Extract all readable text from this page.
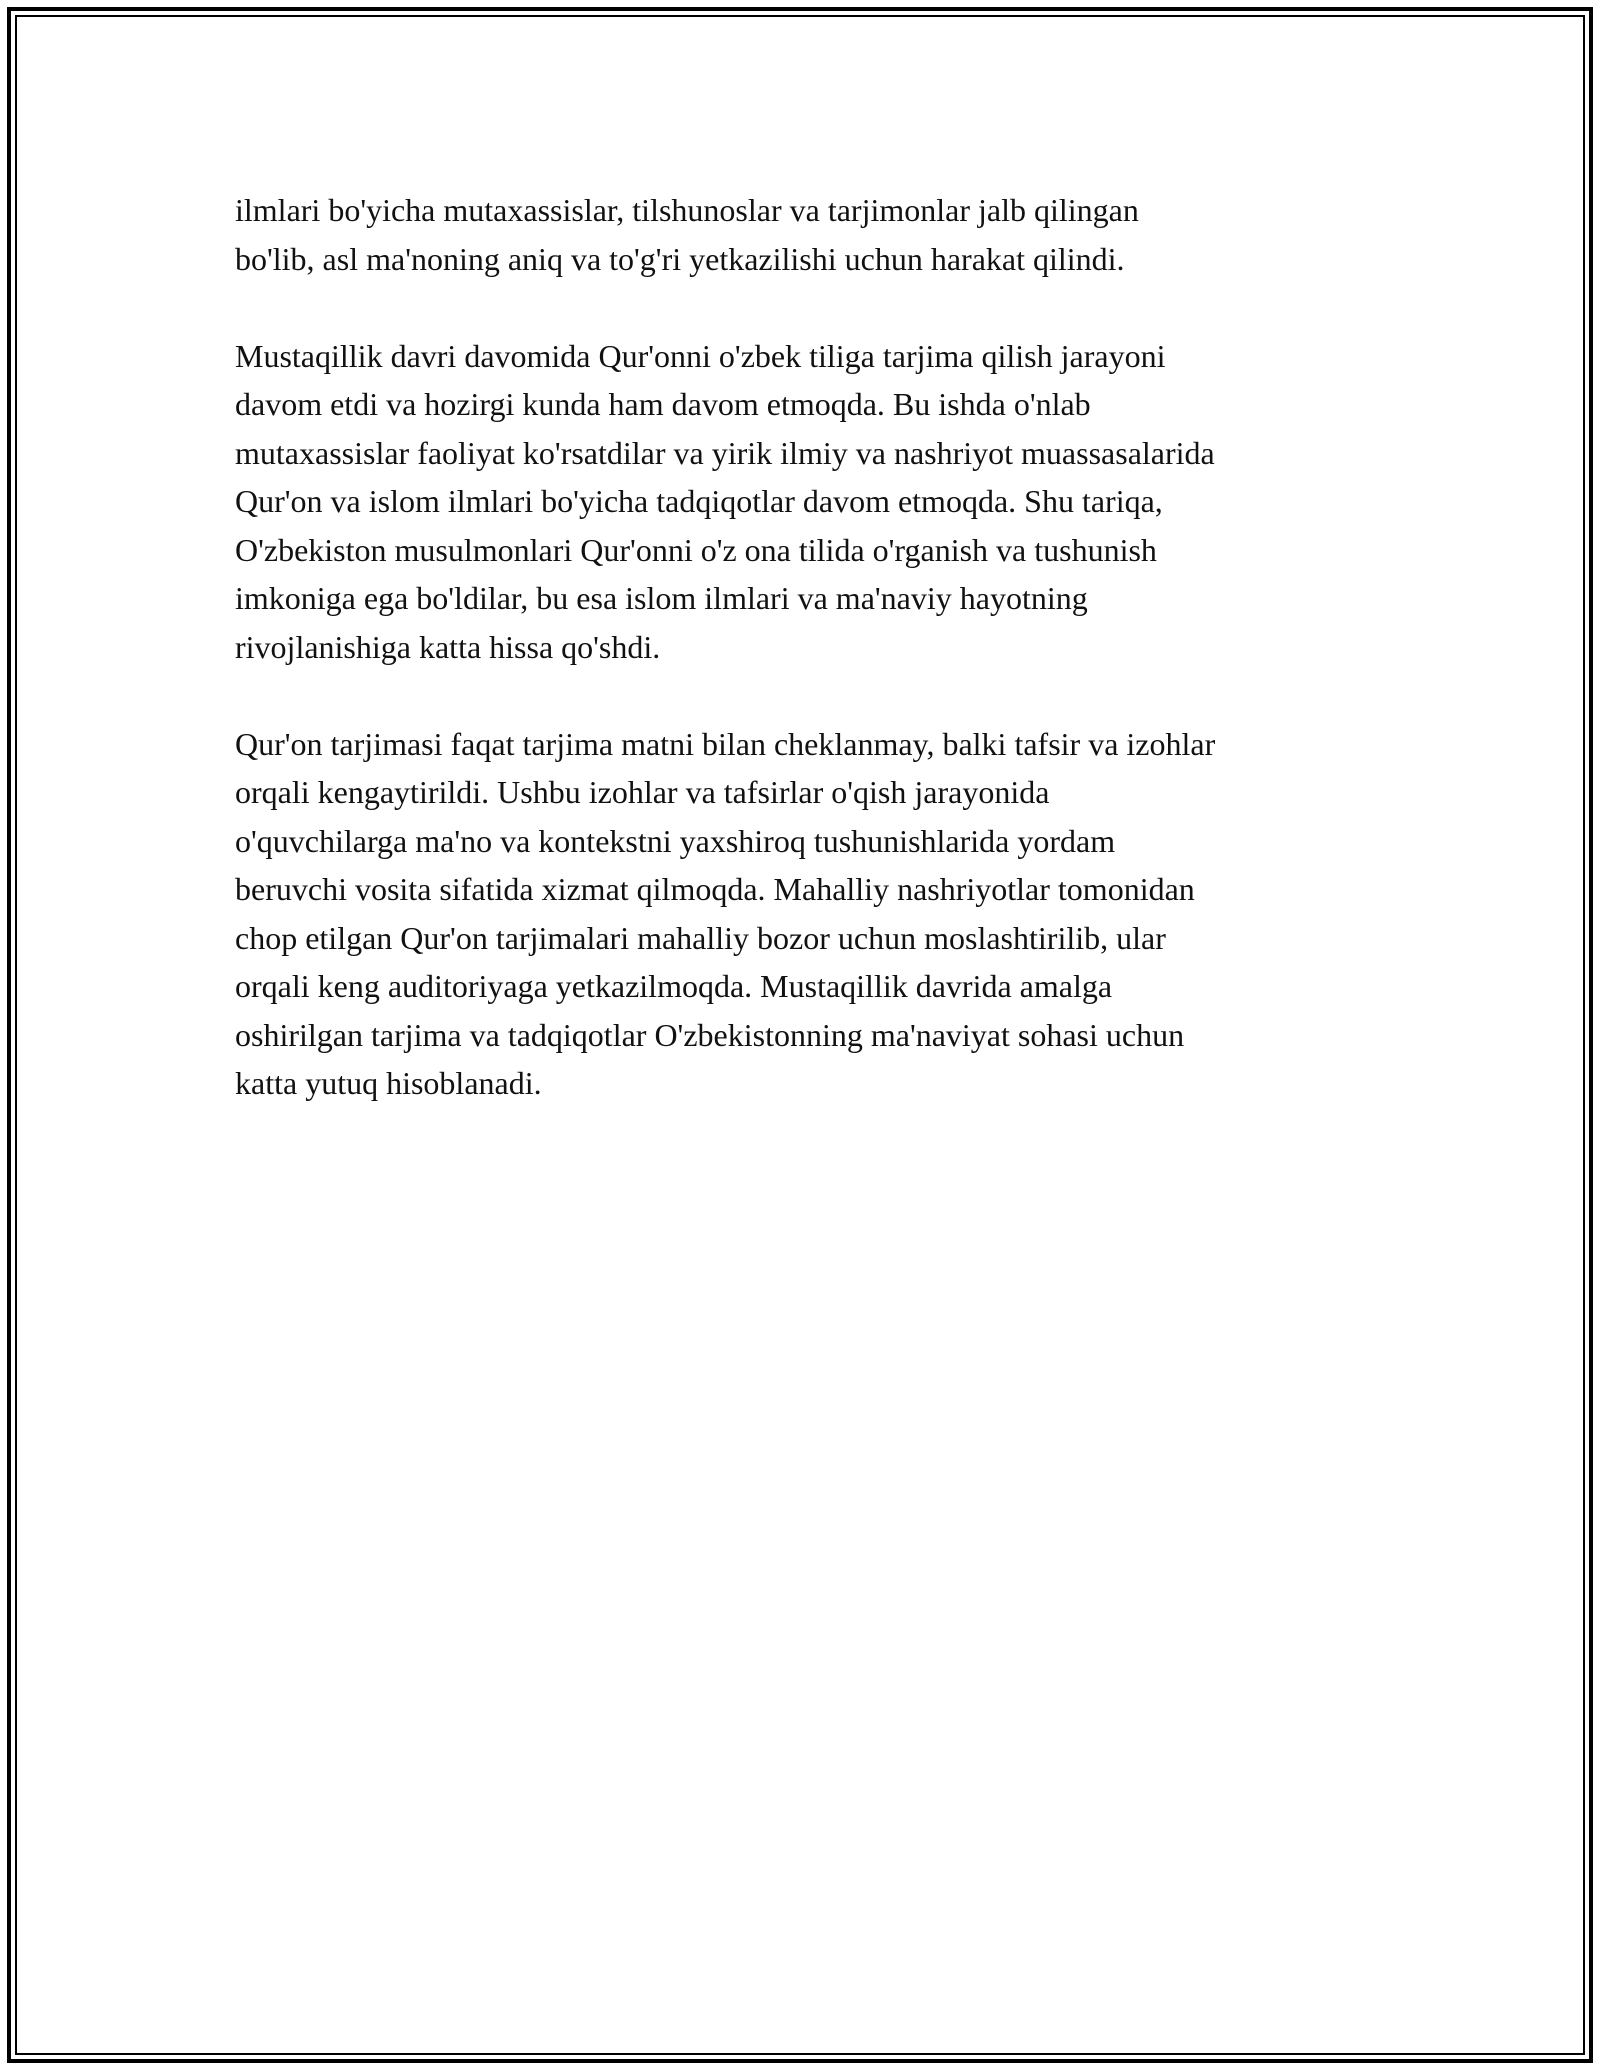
ilmlari bo'yicha mutaxassislar, tilshunoslar va tarjimonlar jalb qilingan
bo'lib, asl ma'noning aniq va to'g'ri yetkazilishi uchun harakat qilindi.

Mustaqillik davri davomida Qur'onni o'zbek tiliga tarjima qilish jarayoni
davom etdi va hozirgi kunda ham davom etmoqda. Bu ishda o'nlab
mutaxassislar faoliyat ko'rsatdilar va yirik ilmiy va nashriyot muassasalarida
Qur'on va islom ilmlari bo'yicha tadqiqotlar davom etmoqda. Shu tariqa,
O'zbekiston musulmonlari Qur'onni o'z ona tilida o'rganish va tushunish
imkoniga ega bo'ldilar, bu esa islom ilmlari va ma'naviy hayotning
rivojlanishiga katta hissa qo'shdi.

Qur'on tarjimasi faqat tarjima matni bilan cheklanmay, balki tafsir va izohlar
orqali kengaytirildi. Ushbu izohlar va tafsirlar o'qish jarayonida
o'quvchilarga ma'no va kontekstni yaxshiroq tushunishlarida yordam
beruvchi vosita sifatida xizmat qilmoqda. Mahalliy nashriyotlar tomonidan
chop etilgan Qur'on tarjimalari mahalliy bozor uchun moslashtirilib, ular
orqali keng auditoriyaga yetkazilmoqda. Mustaqillik davrida amalga
oshirilgan tarjima va tadqiqotlar O'zbekistonning ma'naviyat sohasi uchun
katta yutuq hisoblanadi.
